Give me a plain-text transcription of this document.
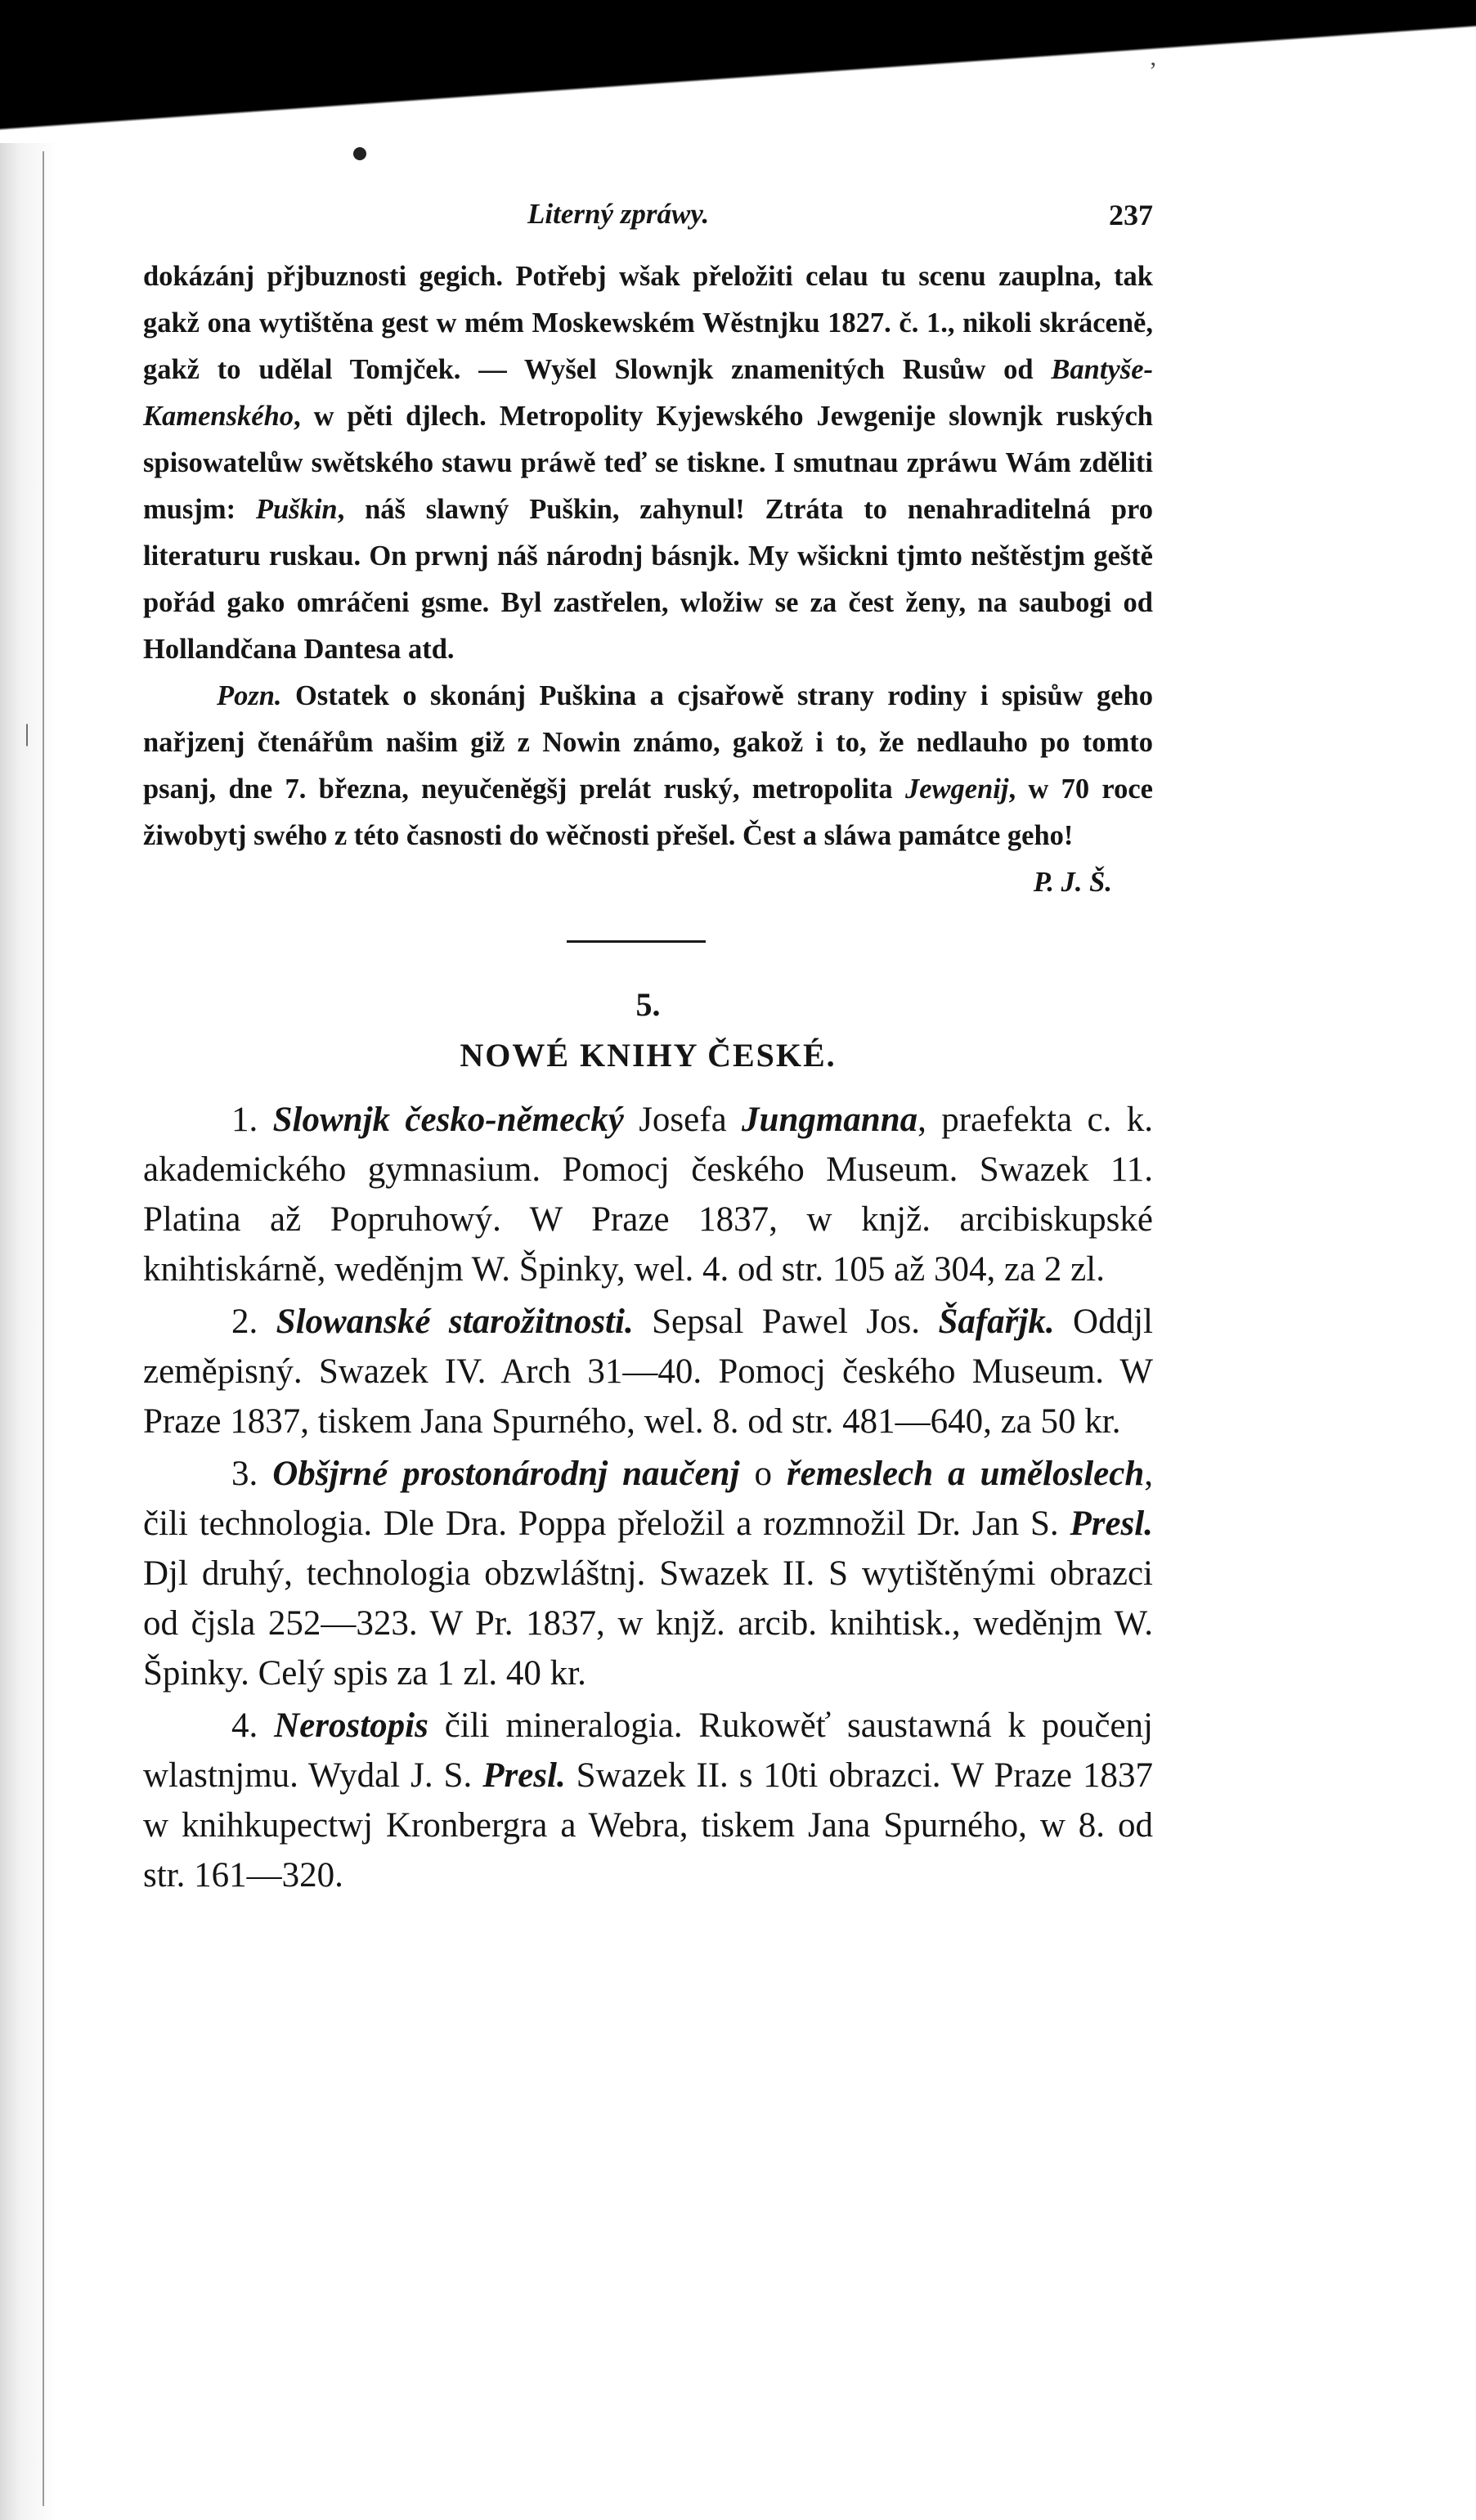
’
|
Literný zpráwy.	237

dokázánj přjbuznosti gegich. Potřebj wšak přeložiti celau tu scenu zauplna, tak gakž ona wytištěna gest w mém Moskewském Wěstnjku 1827. č. 1., nikoli skrácenĕ, gakž to udělal Tomjček. — Wyšel Slownjk znamenitých Rusůw od Bantyše-Kamenského, w pěti djlech. Metropolity Kyjewského Jewgenije slownjk ruských spisowatelůw swětského stawu práwě teď se tiskne. I smutnau zpráwu Wám zděliti musjm: Puškin, náš slawný Puškin, zahynul! Ztráta to nenahraditelná pro literaturu ruskau. On prwnj náš národnj básnjk. My wšickni tjmto neštěstjm geště pořád gako omráčeni gsme. Byl zastřelen, wložiw se za čest ženy, na saubogi od Hollandčana Dantesa atd.

Pozn. Ostatek o skonánj Puškina a cjsařowě strany rodiny i spisůw geho nařjzenj čtenářům našim giž z Nowin známo, gakož i to, že nedlauho po tomto psanj, dne 7. března, neyučenĕgšj prelát ruský, metropolita Jewgenij, w 70 roce žiwobytj swého z této časnosti do wěčnosti přešel. Čest a sláwa památce geho!

P. J. Š.
5.
NOWÉ KNIHY ČESKÉ.

1. Slownjk česko-německý Josefa Jungmanna, praefekta c. k. akademického gymnasium. Pomocj českého Museum. Swazek 11. Platina až Popruhowý. W Praze 1837, w knjž. arcibiskupské knihtiskárně, weděnjm W. Špinky, wel. 4. od str. 105 až 304, za 2 zl.

2. Slowanské starožitnosti. Sepsal Pawel Jos. Šafařjk. Oddjl zeměpisný. Swazek IV. Arch 31—40. Pomocj českého Museum. W Praze 1837, tiskem Jana Spurného, wel. 8. od str. 481—640, za 50 kr.

3. Obšjrné prostonárodnj naučenj o řemeslech a uměloslech, čili technologia. Dle Dra. Poppa přeložil a rozmnožil Dr. Jan S. Presl. Djl druhý, technologia obzwláštnj. Swazek II. S wytištěnými obrazci od čjsla 252—323. W Pr. 1837, w knjž. arcib. knihtisk., weděnjm W. Špinky. Celý spis za 1 zl. 40 kr.

4. Nerostopis čili mineralogia. Rukowěť saustawná k poučenj wlastnjmu. Wydal J. S. Presl. Swazek II. s 10ti obrazci. W Praze 1837 w knihkupectwj Kronbergra a Webra, tiskem Jana Spurného, w 8. od str. 161—320.
